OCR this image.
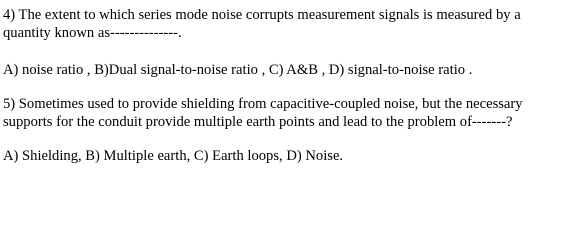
4) The extent to which series mode noise corrupts measurement signals is measured by a
quantity known as--------------.
A) noise ratio , B)Dual signal-to-noise ratio , C) A&B , D) signal-to-noise ratio .
5) Sometimes used to provide shielding from capacitive-coupled noise, but the necessary
supports for the conduit provide multiple earth points and lead to the problem of-------?
A) Shielding, B) Multiple earth, C) Earth loops, D) Noise.
